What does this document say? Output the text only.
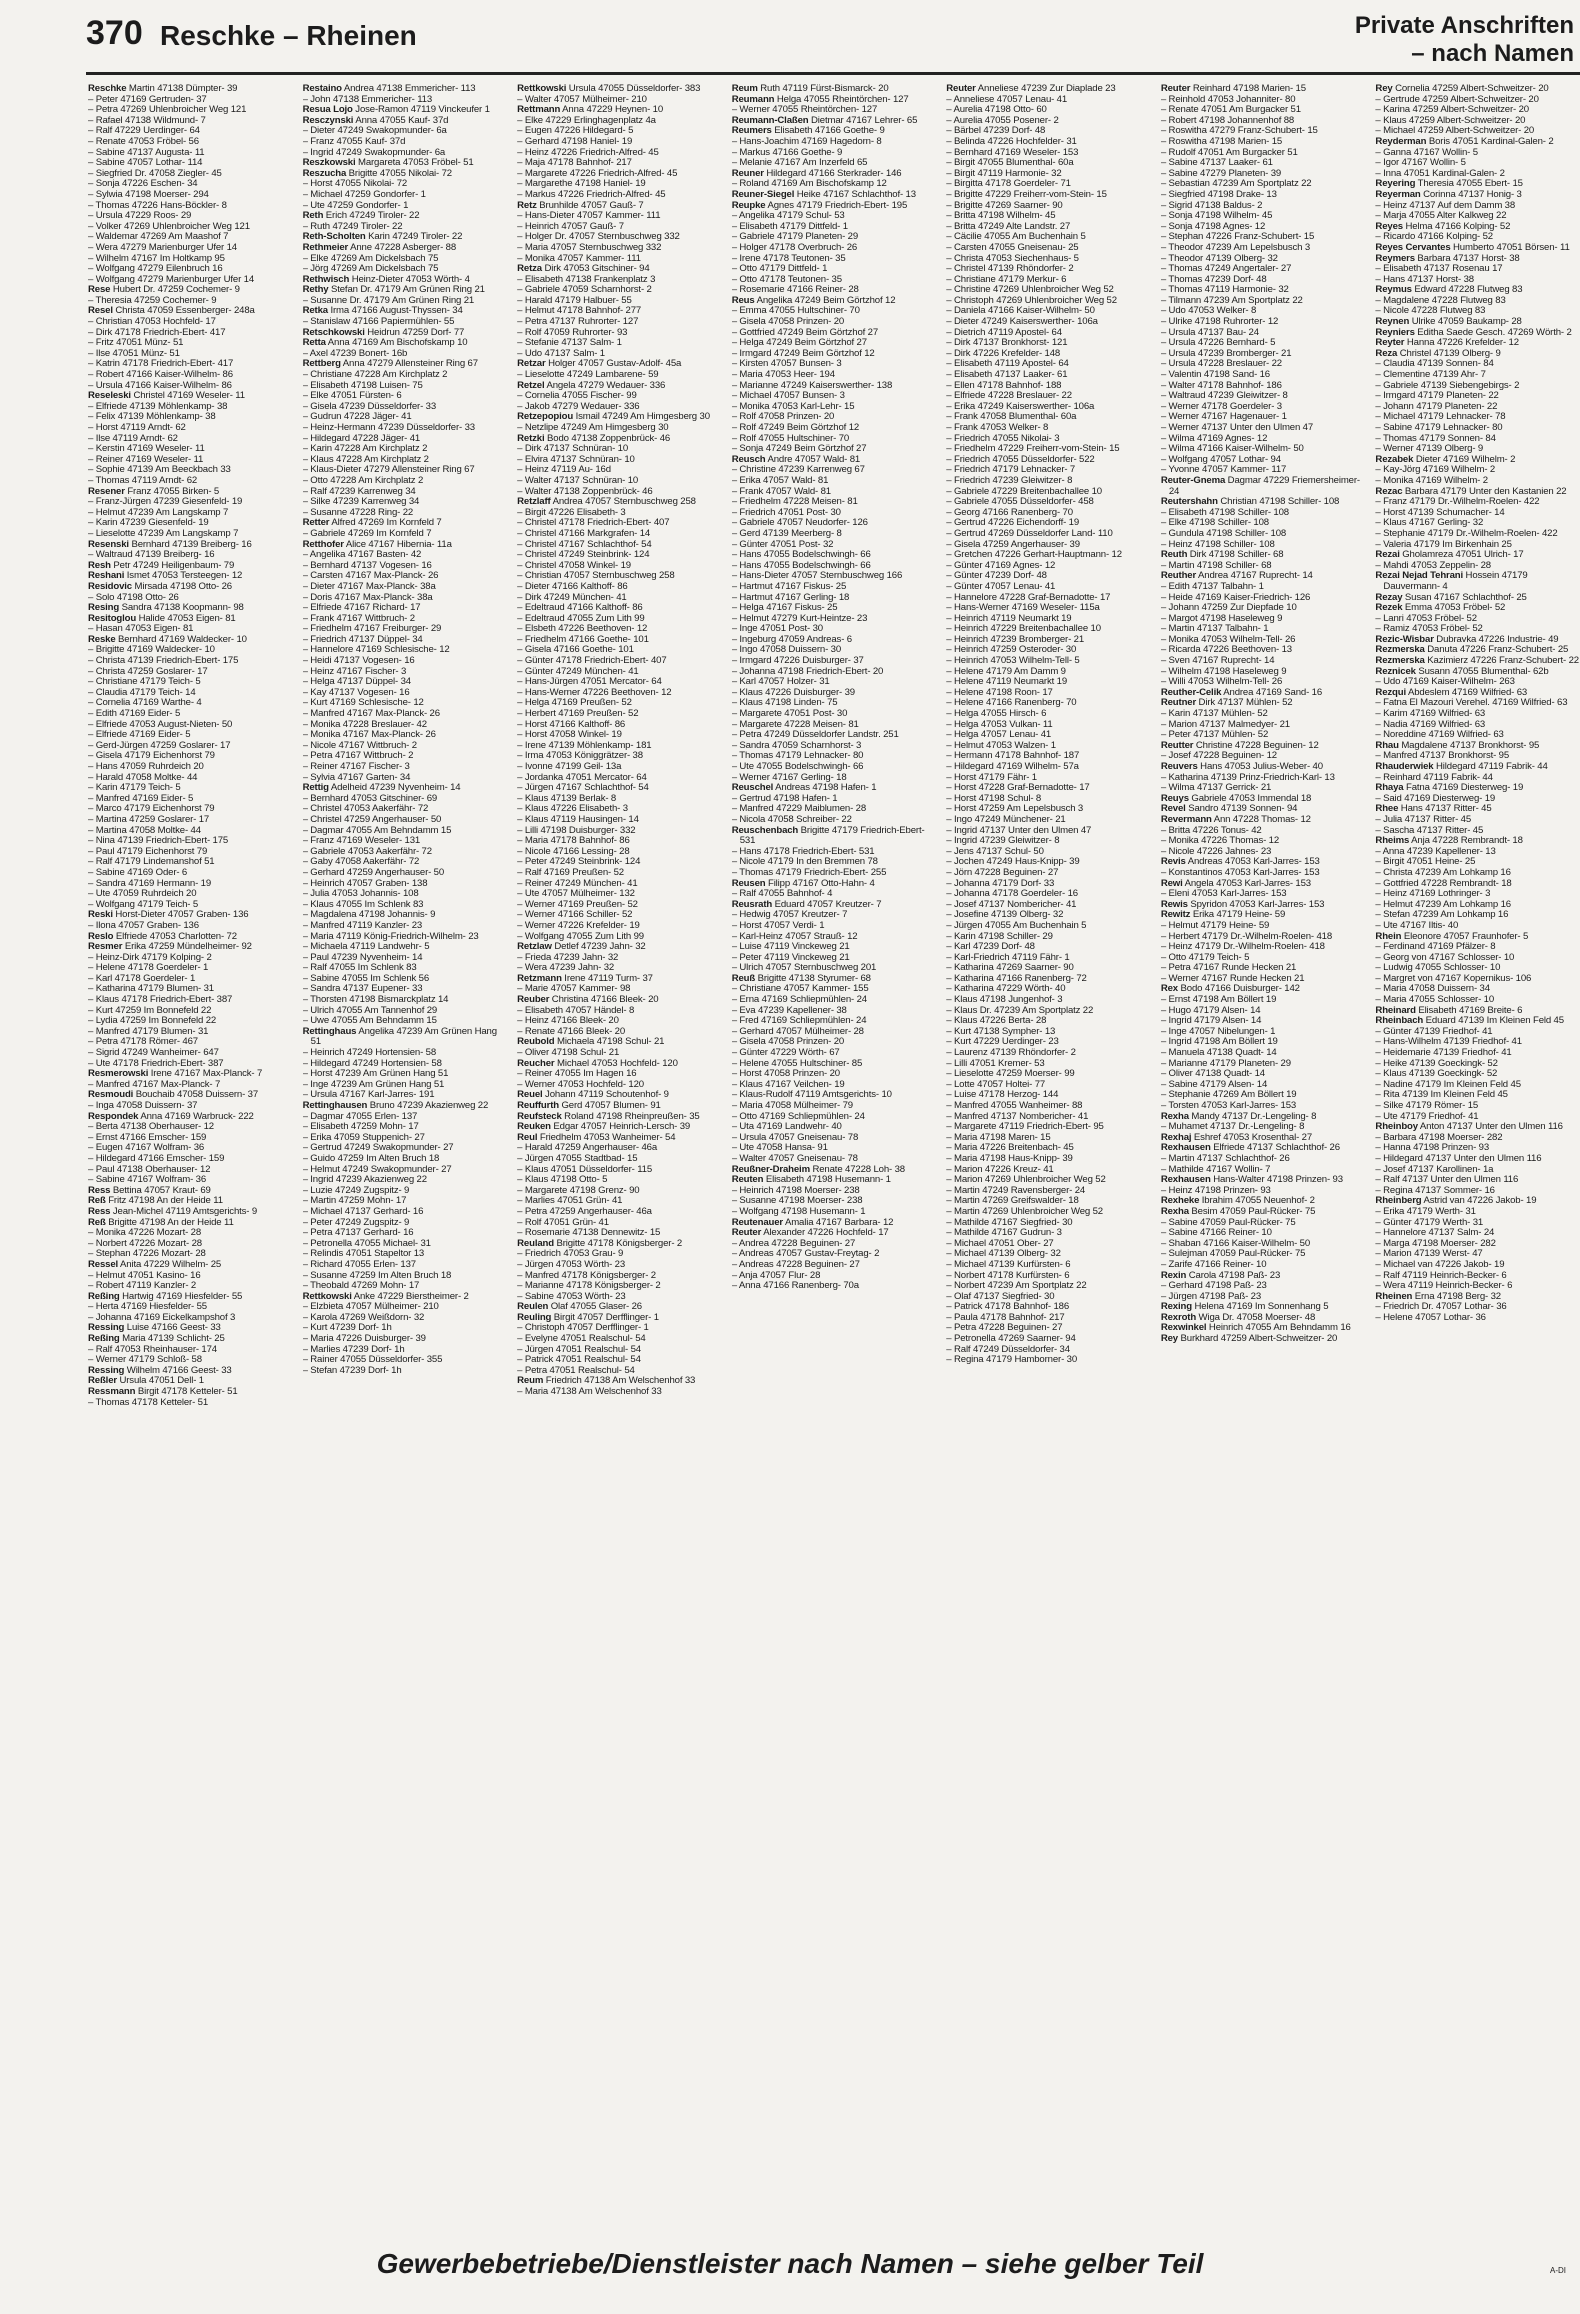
370 Reschke – Rheinen	Private Anschriften
– nach Namen

Reschke Martin 47138 Dümpter- 39

– Peter 47169 Gertruden- 37

– Petra 47269 Uhlenbroicher Weg 121

– Rafael 47138 Wildmund- 7

– Ralf 47229 Uerdinger- 64

– Renate 47053 Fröbel- 56

– Sabine 47137 Augusta- 11

– Sabine 47057 Lothar- 114

– Siegfried Dr. 47058 Ziegler- 45

– Sonja 47226 Eschen- 34

– Sylwia 47198 Moerser- 294

– Thomas 47226 Hans-Böckler- 8

– Ursula 47229 Roos- 29

– Volker 47269 Uhlenbroicher Weg 121

– Waldemar 47269 Am Maashof 7

– Wera 47279 Marienburger Ufer 14

– Wilhelm 47167 Im Holtkamp 95

– Wolfgang 47279 Eilenbruch 16

– Wolfgang 47279 Marienburger Ufer 14

Rese Hubert Dr. 47259 Cochemer- 9

– Theresia 47259 Cochemer- 9

Resel Christa 47059 Essenberger- 248a

– Christian 47053 Hochfeld- 17

– Dirk 47178 Friedrich-Ebert- 417

– Fritz 47051 Münz- 51

– Ilse 47051 Münz- 51

– Katrin 47178 Friedrich-Ebert- 417

– Robert 47166 Kaiser-Wilhelm- 86

– Ursula 47166 Kaiser-Wilhelm- 86

Reseleski Christel 47169 Weseler- 11

– Elfriede 47139 Möhlenkamp- 38

– Felix 47139 Möhlenkamp- 38

– Horst 47119 Arndt- 62

– Ilse 47119 Arndt- 62

– Kerstin 47169 Weseler- 11

– Reiner 47169 Weseler- 11

– Sophie 47139 Am Beeckbach 33

– Thomas 47119 Arndt- 62

Resener Franz 47055 Birken- 5

– Franz-Jürgen 47239 Giesenfeld- 19

– Helmut 47239 Am Langskamp 7

– Karin 47239 Giesenfeld- 19

– Lieselotte 47239 Am Langskamp 7

Resenski Bernhard 47139 Breiberg- 16

– Waltraud 47139 Breiberg- 16

Resh Petr 47249 Heiligenbaum- 79

Reshani Ismet 47053 Tersteegen- 12

Residovic Mirsada 47198 Otto- 26

– Solo 47198 Otto- 26

Resing Sandra 47138 Koopmann- 98

Resitoglou Halide 47053 Eigen- 81

– Hasan 47053 Eigen- 81

Reske Bernhard 47169 Waldecker- 10

– Brigitte 47169 Waldecker- 10

– Christa 47139 Friedrich-Ebert- 175

– Christa 47259 Goslarer- 17

– Christiane 47179 Teich- 5

– Claudia 47179 Teich- 14

– Cornelia 47169 Warthe- 4

– Edith 47169 Eider- 5

– Elfriede 47053 August-Nieten- 50

– Elfriede 47169 Eider- 5

– Gerd-Jürgen 47259 Goslarer- 17

– Gisela 47179 Eichenhorst 79

– Hans 47059 Ruhrdeich 20

– Harald 47058 Moltke- 44

– Karin 47179 Teich- 5

– Manfred 47169 Eider- 5

– Marco 47179 Eichenhorst 79

– Martina 47259 Goslarer- 17

– Martina 47058 Moltke- 44

– Nina 47139 Friedrich-Ebert- 175

– Paul 47179 Eichenhorst 79

– Ralf 47179 Lindemanshof 51

– Sabine 47169 Oder- 6

– Sandra 47169 Hermann- 19

– Ute 47059 Ruhrdeich 20

– Wolfgang 47179 Teich- 5

Reski Horst-Dieter 47057 Graben- 136

– Ilona 47057 Graben- 136

Reslo Elfriede 47053 Charlotten- 72

Resmer Erika 47259 Mündelheimer- 92

– Heinz-Dirk 47179 Kolping- 2

– Helene 47178 Goerdeler- 1

– Karl 47178 Goerdeler- 1

– Katharina 47179 Blumen- 31

– Klaus 47178 Friedrich-Ebert- 387

– Kurt 47259 Im Bonnefeld 22

– Lydia 47259 Im Bonnefeld 22

– Manfred 47179 Blumen- 31

– Petra 47178 Römer- 467

– Sigrid 47249 Wanheimer- 647

– Ute 47178 Friedrich-Ebert- 387

Resmerowski Irene 47167 Max-Planck- 7

– Manfred 47167 Max-Planck- 7

Resmoudi Bouchaib 47058 Duissern- 37

– Inga 47058 Duissern- 37

Respondek Anna 47169 Warbruck- 222

– Berta 47138 Oberhauser- 12

– Ernst 47166 Emscher- 159

– Eugen 47167 Wolfram- 36

– Hildegard 47166 Emscher- 159

– Paul 47138 Oberhauser- 12

– Sabine 47167 Wolfram- 36

Ress Bettina 47057 Kraut- 69

Reß Fritz 47198 An der Heide 11

Ress Jean-Michel 47119 Amtsgerichts- 9

Reß Brigitte 47198 An der Heide 11

– Monika 47226 Mozart- 28

– Norbert 47226 Mozart- 28

– Stephan 47226 Mozart- 28

Ressel Anita 47229 Wilhelm- 25

– Helmut 47051 Kasino- 16

– Robert 47119 Kanzler- 2

Reßing Hartwig 47169 Hiesfelder- 55

– Herta 47169 Hiesfelder- 55

– Johanna 47169 Eickelkampshof 3

Ressing Luise 47166 Geest- 33

Reßing Maria 47139 Schlicht- 25

– Ralf 47053 Rheinhauser- 174

– Werner 47179 Schloß- 58

Ressing Wilhelm 47166 Geest- 33

Reßler Ursula 47051 Dell- 1

Ressmann Birgit 47178 Ketteler- 51

– Thomas 47178 Ketteler- 51

Restaino Andrea 47138 Emmericher- 113

– John 47138 Emmericher- 113

Resua Lojo Jose-Ramon 47119 Vinckeufer 1

Resczynski Anna 47055 Kauf- 37d

– Dieter 47249 Swakopmunder- 6a

– Franz 47055 Kauf- 37d

– Ingrid 47249 Swakopmunder- 6a

Reszkowski Margareta 47053 Fröbel- 51

Reszucha Brigitte 47055 Nikolai- 72

– Horst 47055 Nikolai- 72

– Michael 47259 Gondorfer- 1

– Ute 47259 Gondorfer- 1

Reth Erich 47249 Tiroler- 22

– Ruth 47249 Tiroler- 22

Reth-Scholten Karin 47249 Tiroler- 22

Rethmeier Anne 47228 Asberger- 88

– Elke 47269 Am Dickelsbach 75

– Jörg 47269 Am Dickelsbach 75

Rethwisch Heinz-Dieter 47053 Wörth- 4

Rethy Stefan Dr. 47179 Am Grünen Ring 21

– Susanne Dr. 47179 Am Grünen Ring 21

Retka Irma 47166 August-Thyssen- 34

– Stanislaw 47166 Papiermühlen- 55

Retschkowski Heidrun 47259 Dorf- 77

Retta Anna 47169 Am Bischofskamp 10

– Axel 47239 Bonert- 16b

Rettberg Anna 47279 Allensteiner Ring 67

– Christiane 47228 Am Kirchplatz 2

– Elisabeth 47198 Luisen- 75

– Elke 47051 Fürsten- 6

– Gisela 47239 Düsseldorfer- 33

– Gudrun 47228 Jäger- 41

– Heinz-Hermann 47239 Düsseldorfer- 33

– Hildegard 47228 Jäger- 41

– Karin 47228 Am Kirchplatz 2

– Klaus 47228 Am Kirchplatz 2

– Klaus-Dieter 47279 Allensteiner Ring 67

– Otto 47228 Am Kirchplatz 2

– Ralf 47239 Karrenweg 34

– Silke 47239 Karrenweg 34

– Susanne 47228 Ring- 22

Retter Alfred 47269 Im Kornfeld 7

– Gabriele 47269 Im Kornfeld 7

Retthofer Alice 47167 Hibernia- 11a

– Angelika 47167 Basten- 42

– Bernhard 47137 Vogesen- 16

– Carsten 47167 Max-Planck- 26

– Dieter 47167 Max-Planck- 38a

– Doris 47167 Max-Planck- 38a

– Elfriede 47167 Richard- 17

– Frank 47167 Wittbruch- 2

– Friedhelm 47167 Freiburger- 29

– Friedrich 47137 Düppel- 34

– Hannelore 47169 Schlesische- 12

– Heidi 47137 Vogesen- 16

– Heinz 47167 Fischer- 3

– Helga 47137 Düppel- 34

– Kay 47137 Vogesen- 16

– Kurt 47169 Schlesische- 12

– Manfred 47167 Max-Planck- 26

– Monika 47228 Breslauer- 42

– Monika 47167 Max-Planck- 26

– Nicole 47167 Wittbruch- 2

– Petra 47167 Wittbruch- 2

– Reiner 47167 Fischer- 3

– Sylvia 47167 Garten- 34

Rettig Adelheid 47239 Nyvenheim- 14

– Bernhard 47053 Gitschiner- 69

– Christel 47053 Aakerfähr- 72

– Christel 47259 Angerhauser- 50

– Dagmar 47055 Am Behndamm 15

– Franz 47169 Weseler- 131

– Gabriele 47053 Aakerfähr- 72

– Gaby 47058 Aakerfähr- 72

– Gerhard 47259 Angerhauser- 50

– Heinrich 47057 Graben- 138

– Julia 47053 Johannis- 108

– Klaus 47055 Im Schlenk 83

– Magdalena 47198 Johannis- 9

– Manfred 47119 Kanzler- 23

– Maria 47119 König-Friedrich-Wilhelm- 23

– Michaela 47119 Landwehr- 5

– Paul 47239 Nyvenheim- 14

– Ralf 47055 Im Schlenk 83

– Sabine 47055 Im Schlenk 56

– Sandra 47137 Eupener- 33

– Thorsten 47198 Bismarckplatz 14

– Ulrich 47055 Am Tannenhof 29

– Uwe 47055 Am Behndamm 15

Rettinghaus Angelika 47239 Am Grünen Hang 51

– Heinrich 47249 Hortensien- 58

– Hildegard 47249 Hortensien- 58

– Horst 47239 Am Grünen Hang 51

– Inge 47239 Am Grünen Hang 51

– Ursula 47167 Karl-Jarres- 191

Rettinghausen Bruno 47239 Akazienweg 22

– Dagmar 47055 Erlen- 137

– Elisabeth 47259 Mohn- 17

– Erika 47059 Stuppenich- 27

– Gertrud 47249 Swakopmunder- 27

– Guido 47259 Im Alten Bruch 18

– Helmut 47249 Swakopmunder- 27

– Ingrid 47239 Akazienweg 22

– Luzie 47249 Zugspitz- 9

– Martin 47259 Mohn- 17

– Michael 47137 Gerhard- 16

– Peter 47249 Zugspitz- 9

– Petra 47137 Gerhard- 16

– Petronella 47055 Michael- 31

– Relindis 47051 Stapeltor 13

– Richard 47055 Erlen- 137

– Susanne 47259 Im Alten Bruch 18

– Theobald 47269 Mohn- 17

Rettkowski Anke 47229 Bierstheimer- 2

– Elzbieta 47057 Mülheimer- 210

– Karola 47269 Weißdorn- 32

– Kurt 47239 Dorf- 1h

– Maria 47226 Duisburger- 39

– Marlies 47239 Dorf- 1h

– Rainer 47055 Düsseldorfer- 355

– Stefan 47239 Dorf- 1h

Rettkowski Ursula 47055 Düsseldorfer- 383

– Walter 47057 Mülheimer- 210

Rettmann Anna 47229 Heynen- 10

– Elke 47229 Erlinghagenplatz 4a

– Eugen 47226 Hildegard- 5

– Gerhard 47198 Haniel- 19

– Heinz 47226 Friedrich-Alfred- 45

– Maja 47178 Bahnhof- 217

– Margarete 47226 Friedrich-Alfred- 45

– Margarethe 47198 Haniel- 19

– Markus 47226 Friedrich-Alfred- 45

Retz Brunhilde 47057 Gauß- 7

– Hans-Dieter 47057 Kammer- 111

– Heinrich 47057 Gauß- 7

– Holger Dr. 47057 Sternbuschweg 332

– Maria 47057 Sternbuschweg 332

– Monika 47057 Kammer- 111

Retza Dirk 47053 Gitschiner- 94

– Elisabeth 47138 Frankenplatz 3

– Gabriele 47059 Scharnhorst- 2

– Harald 47179 Halbuer- 55

– Helmut 47178 Bahnhof- 277

– Petra 47137 Ruhrorter- 127

– Rolf 47059 Ruhrorter- 93

– Stefanie 47137 Salm- 1

– Udo 47137 Salm- 1

Retzar Holger 47057 Gustav-Adolf- 45a

– Lieselotte 47249 Lambarene- 59

Retzel Angela 47279 Wedauer- 336

– Cornelia 47055 Fischer- 99

– Jakob 47279 Wedauer- 336

Retzepopiou Ismail 47249 Am Himgesberg 30

– Netzlipe 47249 Am Himgesberg 30

Retzki Bodo 47138 Zoppenbrück- 46

– Dirk 47137 Schnüran- 10

– Elvira 47137 Schnüran- 10

– Heinz 47119 Au- 16d

– Walter 47137 Schnüran- 10

– Walter 47138 Zoppenbrück- 46

Retzlaff Andrea 47057 Sternbuschweg 258

– Birgit 47226 Elisabeth- 3

– Christel 47178 Friedrich-Ebert- 407

– Christel 47166 Markgrafen- 14

– Christel 47167 Schlachthof- 54

– Christel 47249 Steinbrink- 124

– Christel 47058 Winkel- 19

– Christian 47057 Sternbuschweg 258

– Dieter 47166 Kalthoff- 86

– Dirk 47249 München- 41

– Edeltraud 47166 Kalthoff- 86

– Edeltraud 47055 Zum Lith 99

– Elsbeth 47226 Beethoven- 12

– Friedhelm 47166 Goethe- 101

– Gisela 47166 Goethe- 101

– Günter 47178 Friedrich-Ebert- 407

– Günter 47249 München- 41

– Hans-Jürgen 47051 Mercator- 64

– Hans-Werner 47226 Beethoven- 12

– Helga 47169 Preußen- 52

– Herbert 47169 Preußen- 52

– Horst 47166 Kalthoff- 86

– Horst 47058 Winkel- 19

– Irene 47139 Möhlenkamp- 181

– Irma 47053 Königgrätzer- 38

– Ivonne 47199 Geil- 13a

– Jordanka 47051 Mercator- 64

– Jürgen 47167 Schlachthof- 54

– Klaus 47139 Berlak- 8

– Klaus 47226 Elisabeth- 3

– Klaus 47119 Hausingen- 14

– Lilli 47198 Duisburger- 332

– Maria 47178 Bahnhof- 86

– Nicole 47166 Lessing- 28

– Peter 47249 Steinbrink- 124

– Ralf 47169 Preußen- 52

– Reiner 47249 München- 41

– Ute 47057 Mülheimer- 132

– Werner 47169 Preußen- 52

– Werner 47166 Schiller- 52

– Werner 47226 Krefelder- 19

– Wolfgang 47055 Zum Lith 99

Retzlaw Detlef 47239 Jahn- 32

– Frieda 47239 Jahn- 32

– Wera 47239 Jahn- 32

Retzmann Irene 47119 Turm- 37

– Marie 47057 Kammer- 98

Reuber Christina 47166 Bleek- 20

– Elisabeth 47057 Händel- 8

– Heinz 47166 Bleek- 20

– Renate 47166 Bleek- 20

Reubold Michaela 47198 Schul- 21

– Oliver 47198 Schul- 21

Reucher Michael 47053 Hochfeld- 120

– Reiner 47055 Im Hagen 16

– Werner 47053 Hochfeld- 120

Reuel Johann 47119 Schoutenhof- 9

Reuffurth Gerd 47057 Blumen- 91

Reufsteck Roland 47198 Rheinpreußen- 35

Reuken Edgar 47057 Heinrich-Lersch- 39

Reul Friedhelm 47053 Wanheimer- 54

– Harald 47259 Angerhauser- 46a

– Jürgen 47055 Stadtbad- 15

– Klaus 47051 Düsseldorfer- 115

– Klaus 47198 Otto- 5

– Margarete 47198 Grenz- 90

– Marlies 47051 Grün- 41

– Petra 47259 Angerhauser- 46a

– Rolf 47051 Grün- 41

– Rosemarie 47138 Dennewitz- 15

Reuland Brigitte 47178 Königsberger- 2

– Friedrich 47053 Grau- 9

– Jürgen 47053 Wörth- 23

– Manfred 47178 Königsberger- 2

– Marianne 47178 Königsberger- 2

– Sabine 47053 Wörth- 23

Reulen Olaf 47055 Glaser- 26

Reuling Birgit 47057 Derfflinger- 1

– Christoph 47057 Derfflinger- 1

– Evelyne 47051 Realschul- 54

– Jürgen 47051 Realschul- 54

– Patrick 47051 Realschul- 54

– Petra 47051 Realschul- 54

Reum Friedrich 47138 Am Welschenhof 33

– Maria 47138 Am Welschenhof 33

Reum Ruth 47119 Fürst-Bismarck- 20

Reumann Helga 47055 Rheintörchen- 127

– Werner 47055 Rheintörchen- 127

Reumann-Claßen Dietmar 47167 Lehrer- 65

Reumers Elisabeth 47166 Goethe- 9

– Hans-Joachim 47169 Hagedorn- 8

– Markus 47166 Goethe- 9

– Melanie 47167 Am Inzerfeld 65

Reuner Hildegard 47166 Sterkrader- 146

– Roland 47169 Am Bischofskamp 12

Reuner-Siegel Heike 47167 Schlachthof- 13

Reupke Agnes 47179 Friedrich-Ebert- 195

– Angelika 47179 Schul- 53

– Elisabeth 47179 Dittfeld- 1

– Gabriele 47179 Planeten- 29

– Holger 47178 Overbruch- 26

– Irene 47178 Teutonen- 35

– Otto 47179 Dittfeld- 1

– Otto 47178 Teutonen- 35

– Rosemarie 47166 Reiner- 28

Reus Angelika 47249 Beim Görtzhof 12

– Emma 47055 Hultschiner- 70

– Gisela 47058 Prinzen- 20

– Gottfried 47249 Beim Görtzhof 27

– Helga 47249 Beim Görtzhof 27

– Irmgard 47249 Beim Görtzhof 12

– Kirsten 47057 Bunsen- 3

– Maria 47053 Heer- 194

– Marianne 47249 Kaiserswerther- 138

– Michael 47057 Bunsen- 3

– Monika 47053 Karl-Lehr- 15

– Rolf 47058 Prinzen- 20

– Rolf 47249 Beim Görtzhof 12

– Rolf 47055 Hultschiner- 70

– Sonja 47249 Beim Görtzhof 27

Reusch Andre 47057 Wald- 81

– Christine 47239 Karrenweg 67

– Erika 47057 Wald- 81

– Frank 47057 Wald- 81

– Friedhelm 47228 Meisen- 81

– Friedrich 47051 Post- 30

– Gabriele 47057 Neudorfer- 126

– Gerd 47139 Meerberg- 8

– Günter 47051 Post- 32

– Hans 47055 Bodelschwingh- 66

– Hans 47055 Bodelschwingh- 66

– Hans-Dieter 47057 Sternbuschweg 166

– Hartmut 47167 Fiskus- 25

– Hartmut 47167 Gerling- 18

– Helga 47167 Fiskus- 25

– Helmut 47279 Kurt-Heintze- 23

– Inge 47051 Post- 30

– Ingeburg 47059 Andreas- 6

– Ingo 47058 Duissern- 30

– Irmgard 47226 Duisburger- 37

– Johanna 47198 Friedrich-Ebert- 20

– Karl 47057 Holzer- 31

– Klaus 47226 Duisburger- 39

– Klaus 47198 Linden- 75

– Margarete 47051 Post- 30

– Margarete 47228 Meisen- 81

– Petra 47249 Düsseldorfer Landstr. 251

– Sandra 47059 Scharnhorst- 3

– Thomas 47179 Lehnacker- 80

– Ute 47055 Bodelschwingh- 66

– Werner 47167 Gerling- 18

Reuschel Andreas 47198 Hafen- 1

– Gertrud 47198 Hafen- 1

– Manfred 47229 Maiblumen- 28

– Nicola 47058 Schreiber- 22

Reuschenbach Brigitte 47179 Friedrich-Ebert- 531

– Hans 47178 Friedrich-Ebert- 531

– Nicole 47179 In den Bremmen 78

– Thomas 47179 Friedrich-Ebert- 255

Reusen Filipp 47167 Otto-Hahn- 4

– Ralf 47055 Bahnhof- 4

Reusrath Eduard 47057 Kreutzer- 7

– Hedwig 47057 Kreutzer- 7

– Horst 47057 Verdi- 1

– Karl-Heinz 47057 Strauß- 12

– Luise 47119 Vinckeweg 21

– Peter 47119 Vinckeweg 21

– Ulrich 47057 Sternbuschweg 201

Reuß Brigitte 47138 Styrumer- 68

– Christiane 47057 Kammer- 155

– Erna 47169 Schliepmühlen- 24

– Eva 47239 Kapellener- 38

– Fred 47169 Schliepmühlen- 24

– Gerhard 47057 Mülheimer- 28

– Gisela 47058 Prinzen- 20

– Günter 47229 Wörth- 67

– Helene 47055 Hultschiner- 85

– Horst 47058 Prinzen- 20

– Klaus 47167 Veilchen- 19

– Klaus-Rudolf 47119 Amtsgerichts- 10

– Maria 47058 Mülheimer- 79

– Otto 47169 Schliepmühlen- 24

– Uta 47169 Landwehr- 40

– Ursula 47057 Gneisenau- 78

– Ute 47058 Hansa- 91

– Walter 47057 Gneisenau- 78

Reußner-Draheim Renate 47228 Loh- 38

Reuten Elisabeth 47198 Husemann- 1

– Heinrich 47198 Moerser- 238

– Susanne 47198 Moerser- 238

– Wolfgang 47198 Husemann- 1

Reutenauer Amalia 47167 Barbara- 12

Reuter Alexander 47226 Hochfeld- 17

– Andrea 47228 Beguinen- 27

– Andreas 47057 Gustav-Freytag- 2

– Andreas 47228 Beguinen- 27

– Anja 47057 Flur- 28

– Anna 47166 Ranenberg- 70a

Reuter Anneliese 47239 Zur Diaplade 23

– Anneliese 47057 Lenau- 41

– Aurelia 47198 Otto- 60

– Aurelia 47055 Posener- 2

– Bärbel 47239 Dorf- 48

– Belinda 47226 Hochfelder- 31

– Bernhard 47169 Weseler- 153

– Birgit 47055 Blumenthal- 60a

– Birgit 47119 Harmonie- 32

– Birgitta 47178 Goerdeler- 71

– Brigitte 47229 Freiherr-vom-Stein- 15

– Brigitte 47269 Saarner- 90

– Britta 47198 Wilhelm- 45

– Britta 47249 Alte Landstr. 27

– Cäcilie 47055 Am Buchenhain 5

– Carsten 47055 Gneisenau- 25

– Christa 47053 Siechenhaus- 5

– Christel 47139 Rhöndorfer- 2

– Christiane 47179 Merkur- 6

– Christine 47269 Uhlenbroicher Weg 52

– Christoph 47269 Uhlenbroicher Weg 52

– Daniela 47166 Kaiser-Wilhelm- 50

– Dieter 47249 Kaiserswerther- 106a

– Dietrich 47119 Apostel- 64

– Dirk 47137 Bronkhorst- 121

– Dirk 47226 Krefelder- 148

– Elisabeth 47119 Apostel- 64

– Elisabeth 47137 Laaker- 61

– Ellen 47178 Bahnhof- 188

– Elfriede 47228 Breslauer- 22

– Erika 47249 Kaiserswerther- 106a

– Frank 47058 Blumenthal- 60a

– Frank 47053 Welker- 8

– Friedrich 47055 Nikolai- 3

– Friedhelm 47229 Freiherr-vom-Stein- 15

– Friedrich 47055 Düsseldorfer- 522

– Friedrich 47179 Lehnacker- 7

– Friedrich 47239 Gleiwitzer- 8

– Gabriele 47229 Breitenbachallee 10

– Gabriele 47055 Düsseldorfer- 458

– Georg 47166 Ranenberg- 70

– Gertrud 47226 Eichendorff- 19

– Gertrud 47269 Düsseldorfer Land- 110

– Gisela 47259 Angerhauser- 39

– Gretchen 47226 Gerhart-Hauptmann- 12

– Günter 47169 Agnes- 12

– Günter 47239 Dorf- 48

– Günter 47057 Lenau- 41

– Hannelore 47228 Graf-Bernadotte- 17

– Hans-Werner 47169 Weseler- 115a

– Heinrich 47119 Neumarkt 19

– Heinrich 47229 Breitenbachallee 10

– Heinrich 47239 Bromberger- 21

– Heinrich 47259 Osteroder- 30

– Heinrich 47053 Wilhelm-Tell- 5

– Helene 47179 Am Damm 9

– Helene 47119 Neumarkt 19

– Helene 47198 Roon- 17

– Helene 47166 Ranenberg- 70

– Helga 47055 Hirsch- 6

– Helga 47053 Vulkan- 11

– Helga 47057 Lenau- 41

– Helmut 47053 Walzen- 1

– Hermann 47178 Bahnhof- 187

– Hildegard 47169 Wilhelm- 57a

– Horst 47179 Fähr- 1

– Horst 47228 Graf-Bernadotte- 17

– Horst 47198 Schul- 8

– Horst 47259 Am Lepelsbusch 3

– Ingo 47249 Münchener- 21

– Ingrid 47137 Unter den Ulmen 47

– Ingrid 47239 Gleiwitzer- 8

– Jens 47137 Schul- 50

– Jochen 47249 Haus-Knipp- 39

– Jörn 47228 Beguinen- 27

– Johanna 47179 Dorf- 33

– Johanna 47178 Goerdeler- 16

– Josef 47137 Nombericher- 41

– Josefine 47139 Olberg- 32

– Jürgen 47055 Am Buchenhain 5

– Karin 47198 Schiller- 29

– Karl 47239 Dorf- 48

– Karl-Friedrich 47119 Fähr- 1

– Katharina 47269 Saarner- 90

– Katharina 47166 Ranenberg- 72

– Katharina 47229 Wörth- 40

– Klaus 47198 Jungenhof- 3

– Klaus Dr. 47239 Am Sportplatz 22

– Klaus 47226 Berta- 28

– Kurt 47138 Sympher- 13

– Kurt 47229 Uerdinger- 23

– Laurenz 47139 Rhöndorfer- 2

– Lilli 47051 Kremer- 53

– Lieselotte 47259 Moerser- 99

– Lotte 47057 Holtei- 77

– Luise 47178 Herzog- 144

– Manfred 47055 Wanheimer- 88

– Manfred 47137 Nombericher- 41

– Margarete 47119 Friedrich-Ebert- 95

– Maria 47198 Maren- 15

– Maria 47226 Breitenbach- 45

– Maria 47198 Haus-Knipp- 39

– Marion 47226 Kreuz- 41

– Marion 47269 Uhlenbroicher Weg 52

– Martin 47249 Ravensberger- 24

– Martin 47269 Greifswalder- 18

– Martin 47269 Uhlenbroicher Weg 52

– Mathilde 47167 Siegfried- 30

– Mathilde 47167 Gudrun- 3

– Michael 47051 Ober- 27

– Michael 47139 Olberg- 32

– Michael 47139 Kurfürsten- 6

– Norbert 47178 Kurfürsten- 6

– Norbert 47239 Am Sportplatz 22

– Olaf 47137 Siegfried- 30

– Patrick 47178 Bahnhof- 186

– Paula 47178 Bahnhof- 217

– Petra 47228 Beguinen- 27

– Petronella 47269 Saarner- 94

– Ralf 47249 Düsseldorfer- 34

– Regina 47179 Hamborner- 30

Reuter Reinhard 47198 Marien- 15

– Reinhold 47053 Johanniter- 80

– Renate 47051 Am Burgacker 51

– Robert 47198 Johannenhof 88

– Roswitha 47279 Franz-Schubert- 15

– Roswitha 47198 Marien- 15

– Rudolf 47051 Am Burgacker 51

– Sabine 47137 Laaker- 61

– Sabine 47279 Planeten- 39

– Sebastian 47239 Am Sportplatz 22

– Siegfried 47198 Drake- 13

– Sigrid 47138 Baldus- 2

– Sonja 47198 Wilhelm- 45

– Sonja 47198 Agnes- 12

– Stephan 47226 Franz-Schubert- 15

– Theodor 47239 Am Lepelsbusch 3

– Theodor 47139 Olberg- 32

– Thomas 47249 Angertaler- 27

– Thomas 47239 Dorf- 48

– Thomas 47119 Harmonie- 32

– Tilmann 47239 Am Sportplatz 22

– Udo 47053 Welker- 8

– Ulrike 47198 Ruhrorter- 12

– Ursula 47137 Bau- 24

– Ursula 47226 Bernhard- 5

– Ursula 47239 Bromberger- 21

– Ursula 47228 Breslauer- 22

– Valentin 47198 Sand- 16

– Walter 47178 Bahnhof- 186

– Waltraud 47239 Gleiwitzer- 8

– Werner 47178 Goerdeler- 3

– Werner 47167 Hagenauer- 1

– Werner 47137 Unter den Ulmen 47

– Wilma 47169 Agnes- 12

– Wilma 47166 Kaiser-Wilhelm- 50

– Wolfgang 47057 Lothar- 94

– Yvonne 47057 Kammer- 117

Reuter-Gnema Dagmar 47229 Friemersheimer- 24

Reutershahn Christian 47198 Schiller- 108

– Elisabeth 47198 Schiller- 108

– Elke 47198 Schiller- 108

– Gundula 47198 Schiller- 108

– Heinz 47198 Schiller- 108

Reuth Dirk 47198 Schiller- 68

– Martin 47198 Schiller- 68

Reuther Andrea 47167 Ruprecht- 14

– Edith 47137 Talbahn- 1

– Heide 47169 Kaiser-Friedrich- 126

– Johann 47259 Zur Diepfade 10

– Margot 47198 Haseleweg 9

– Martin 47137 Talbahn- 1

– Monika 47053 Wilhelm-Tell- 26

– Ricarda 47226 Beethoven- 13

– Sven 47167 Ruprecht- 14

– Wilhelm 47198 Haseleweg 9

– Willi 47053 Wilhelm-Tell- 26

Reuther-Celik Andrea 47169 Sand- 16

Reutner Dirk 47137 Mühlen- 52

– Karin 47137 Mühlen- 52

– Marion 47137 Malmedyer- 21

– Peter 47137 Mühlen- 52

Reutter Christine 47228 Beguinen- 12

– Josef 47228 Beguinen- 12

Reuvers Hans 47053 Julius-Weber- 40

– Katharina 47139 Prinz-Friedrich-Karl- 13

– Wilma 47137 Gerrick- 21

Reuys Gabriele 47053 Immendal 18

Revel Sandro 47139 Sonnen- 94

Revermann Ann 47228 Thomas- 12

– Britta 47226 Tonus- 42

– Monika 47226 Thomas- 12

– Nicole 47226 Jahnes- 23

Revis Andreas 47053 Karl-Jarres- 153

– Konstantinos 47053 Karl-Jarres- 153

Rewi Angela 47053 Karl-Jarres- 153

– Eleni 47053 Karl-Jarres- 153

Rewis Spyridon 47053 Karl-Jarres- 153

Rewitz Erika 47179 Heine- 59

– Helmut 47179 Heine- 59

– Herbert 47179 Dr.-Wilhelm-Roelen- 418

– Heinz 47179 Dr.-Wilhelm-Roelen- 418

– Otto 47179 Teich- 5

– Petra 47167 Runde Hecken 21

– Werner 47167 Runde Hecken 21

Rex Bodo 47166 Duisburger- 142

– Ernst 47198 Am Böllert 19

– Hugo 47179 Alsen- 14

– Ingrid 47179 Alsen- 14

– Inge 47057 Nibelungen- 1

– Ingrid 47198 Am Böllert 19

– Manuela 47138 Quadt- 14

– Marianne 47179 Planeten- 29

– Oliver 47138 Quadt- 14

– Sabine 47179 Alsen- 14

– Stephanie 47269 Am Böllert 19

– Torsten 47053 Karl-Jarres- 153

Rexha Mandy 47137 Dr.-Lengeling- 8

– Muhamet 47137 Dr.-Lengeling- 8

Rexhaj Eshref 47053 Krosenthal- 27

Rexhausen Elfriede 47137 Schlachthof- 26

– Martin 47137 Schlachthof- 26

– Mathilde 47167 Wollin- 7

Rexhausen Hans-Walter 47198 Prinzen- 93

– Heinz 47198 Prinzen- 93

Rexheke Ibrahim 47055 Neuenhof- 2

Rexha Besim 47059 Paul-Rücker- 75

– Sabine 47059 Paul-Rücker- 75

– Sabine 47166 Reiner- 10

– Shaban 47166 Kaiser-Wilhelm- 50

– Sulejman 47059 Paul-Rücker- 75

– Zarife 47166 Reiner- 10

Rexin Carola 47198 Paß- 23

– Gerhard 47198 Paß- 23

– Jürgen 47198 Paß- 23

Rexing Helena 47169 Im Sonnenhang 5

Rexroth Wiga Dr. 47058 Moerser- 48

Rexwinkel Heinrich 47055 Am Behndamm 16

Rey Burkhard 47259 Albert-Schweitzer- 20

Rey Cornelia 47259 Albert-Schweitzer- 20

– Gertrude 47259 Albert-Schweitzer- 20

– Karina 47259 Albert-Schweitzer- 20

– Klaus 47259 Albert-Schweitzer- 20

– Michael 47259 Albert-Schweitzer- 20

Reyderman Boris 47051 Kardinal-Galen- 2

– Ganna 47167 Wollin- 5

– Igor 47167 Wollin- 5

– Inna 47051 Kardinal-Galen- 2

Reyering Theresia 47055 Ebert- 15

Reyerman Corinna 47137 Honig- 3

– Heinz 47137 Auf dem Damm 38

– Marja 47055 Alter Kalkweg 22

Reyes Helma 47166 Kolping- 52

– Ricardo 47166 Kolping- 52

Reyes Cervantes Humberto 47051 Börsen- 11

Reymers Barbara 47137 Horst- 38

– Elisabeth 47137 Rosenau 17

– Hans 47137 Horst- 38

Reymus Edward 47228 Flutweg 83

– Magdalene 47228 Flutweg 83

– Nicole 47228 Flutweg 83

Reynen Ulrike 47059 Baukamp- 28

Reyniers Editha Saede Gesch. 47269 Wörth- 2

Reyter Hanna 47226 Krefelder- 12

Reza Christel 47139 Olberg- 9

– Claudia 47139 Sonnen- 84

– Clementine 47139 Ahr- 7

– Gabriele 47139 Siebengebirgs- 2

– Irmgard 47179 Planeten- 22

– Johann 47179 Planeten- 22

– Michael 47179 Lehnacker- 78

– Sabine 47179 Lehnacker- 80

– Thomas 47179 Sonnen- 84

– Werner 47139 Olberg- 9

Rezabek Dieter 47169 Wilhelm- 2

– Kay-Jörg 47169 Wilhelm- 2

– Monika 47169 Wilhelm- 2

Rezac Barbara 47179 Unter den Kastanien 22

– Franz 47179 Dr.-Wilhelm-Roelen- 422

– Horst 47139 Schumacher- 14

– Klaus 47167 Gerling- 32

– Stephanie 47179 Dr.-Wilhelm-Roelen- 422

– Valeria 47179 Im Birkenhain 25

Rezai Gholamreza 47051 Ulrich- 17

– Mahdi 47053 Zeppelin- 28

Rezai Nejad Tehrani Hossein 47179 Dauvermann- 4

Rezay Susan 47167 Schlachthof- 25

Rezek Emma 47053 Fröbel- 52

– Lanri 47053 Fröbel- 52

– Ramiz 47053 Fröbel- 52

Rezic-Wisbar Dubravka 47226 Industrie- 49

Rezmerska Danuta 47226 Franz-Schubert- 25

Rezmerska Kazimierz 47226 Franz-Schubert- 22

Reznicek Susann 47055 Blumenthal- 62b

– Udo 47169 Kaiser-Wilhelm- 263

Rezqui Abdeslem 47169 Wilfried- 63

– Fatna El Mazouri Verehel. 47169 Wilfried- 63

– Karim 47169 Wilfried- 63

– Nadia 47169 Wilfried- 63

– Noreddine 47169 Wilfried- 63

Rhau Magdalene 47137 Bronkhorst- 95

– Manfred 47137 Bronkhorst- 95

Rhauderwiek Hildegard 47119 Fabrik- 44

– Reinhard 47119 Fabrik- 44

Rhaya Fatna 47169 Diesterweg- 19

– Said 47169 Diesterweg- 19

Rhee Hans 47137 Ritter- 45

– Julia 47137 Ritter- 45

– Sascha 47137 Ritter- 45

Rheims Anja 47228 Rembrandt- 18

– Anna 47239 Kapellener- 13

– Birgit 47051 Heine- 25

– Christa 47239 Am Lohkamp 16

– Gottfried 47228 Rembrandt- 18

– Heinz 47169 Lothringer- 3

– Helmut 47239 Am Lohkamp 16

– Stefan 47239 Am Lohkamp 16

– Ute 47167 Iltis- 40

Rhein Eleonore 47057 Fraunhofer- 5

– Ferdinand 47169 Pfälzer- 8

– Georg von 47167 Schlosser- 10

– Ludwig 47055 Schlosser- 10

– Margret von 47167 Kopernikus- 106

– Maria 47058 Duissern- 34

– Maria 47055 Schlosser- 10

Rheinard Elisabeth 47169 Breite- 6

Rheinbach Eduard 47139 Im Kleinen Feld 45

– Günter 47139 Friedhof- 41

– Hans-Wilhelm 47139 Friedhof- 41

– Heidemarie 47139 Friedhof- 41

– Heike 47139 Goeckingk- 52

– Klaus 47139 Goeckingk- 52

– Nadine 47179 Im Kleinen Feld 45

– Rita 47139 Im Kleinen Feld 45

– Silke 47179 Römer- 15

– Ute 47179 Friedhof- 41

Rheinboy Anton 47137 Unter den Ulmen 116

– Barbara 47198 Moerser- 282

– Hanna 47198 Prinzen- 93

– Hildegard 47137 Unter den Ulmen 116

– Josef 47137 Karollinen- 1a

– Ralf 47137 Unter den Ulmen 116

– Regina 47137 Sommer- 16

Rheinberg Astrid van 47226 Jakob- 19

– Erika 47179 Werth- 31

– Günter 47179 Werth- 31

– Hannelore 47137 Salm- 24

– Marga 47198 Moerser- 282

– Marion 47139 Werst- 47

– Michael van 47226 Jakob- 19

– Ralf 47119 Heinrich-Becker- 6

– Wera 47119 Heinrich-Becker- 6

Rheinen Erna 47198 Berg- 32

– Friedrich Dr. 47057 Lothar- 36

– Helene 47057 Lothar- 36

Gewerbebetriebe/Dienstleister nach Namen – siehe gelber Teil	A-DI
